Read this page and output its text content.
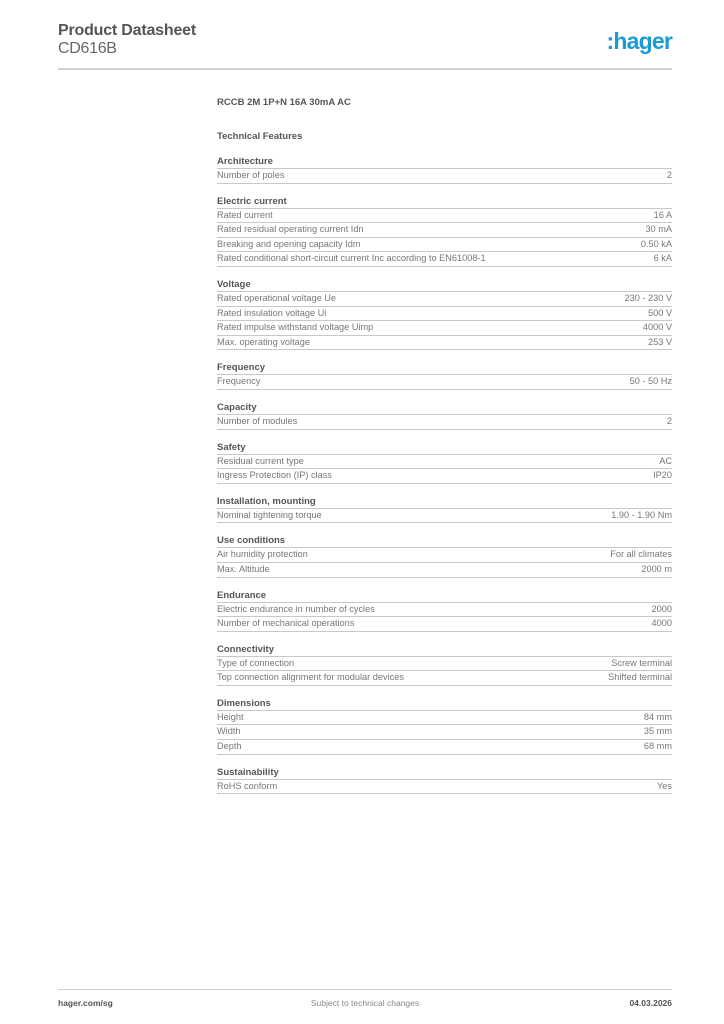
Product Datasheet
CD616B	:hager
RCCB 2M 1P+N 16A 30mA AC
Technical Features
Architecture
Number of poles	2
Electric current
Rated current	16 A
Rated residual operating current Idn	30 mA
Breaking and opening capacity Idm	0.50 kA
Rated conditional short-circuit current Inc according to EN61008-1	6 kA
Voltage
Rated operational voltage Ue	230 - 230 V
Rated insulation voltage Ui	500 V
Rated impulse withstand voltage Uimp	4000 V
Max. operating voltage	253 V
Frequency
Frequency	50 - 50 Hz
Capacity
Number of modules	2
Safety
Residual current type	AC
Ingress Protection (IP) class	IP20
Installation, mounting
Nominal tightening torque	1.90 - 1.90 Nm
Use conditions
Air humidity protection	For all climates
Max. Altitude	2000 m
Endurance
Electric endurance in number of cycles	2000
Number of mechanical operations	4000
Connectivity
Type of connection	Screw terminal
Top connection alignment for modular devices	Shifted terminal
Dimensions
Height	84 mm
Width	35 mm
Depth	68 mm
Sustainability
RoHS conform	Yes
hager.com/sg	Subject to technical changes	04.03.2026
